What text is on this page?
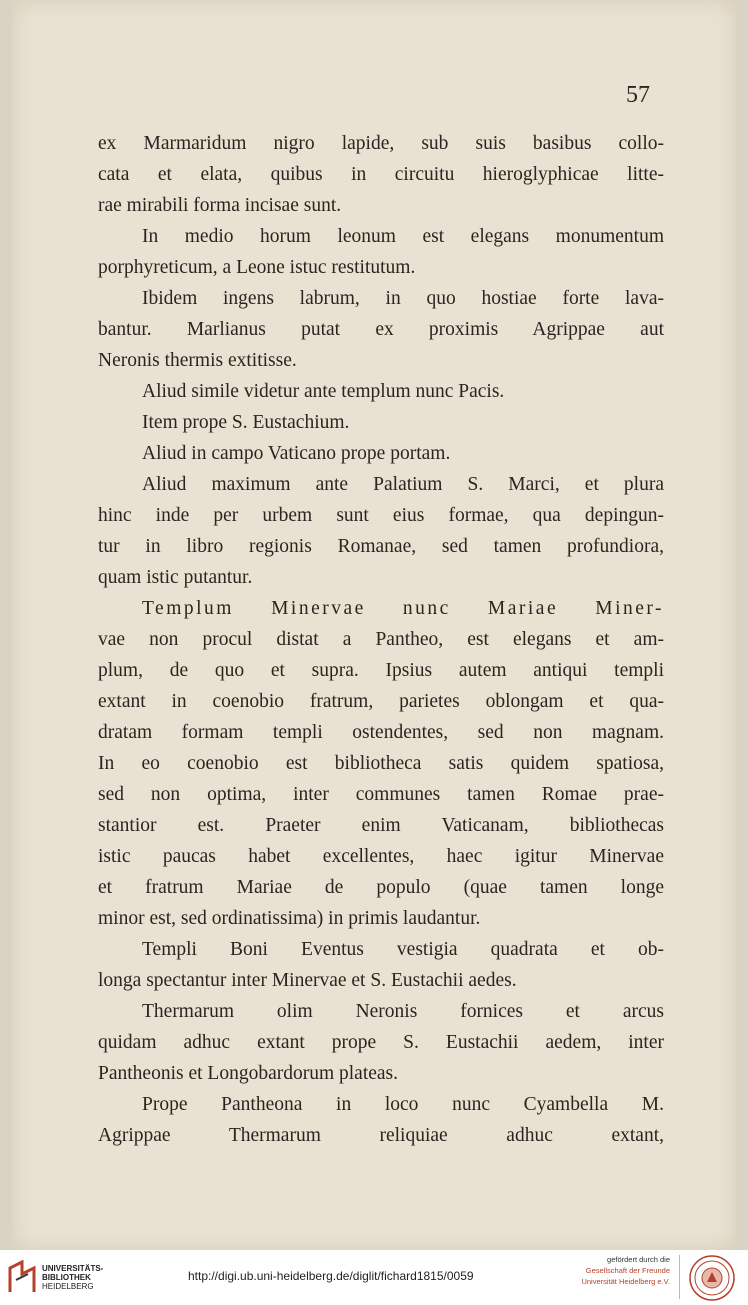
57
ex Marmaridum nigro lapide, sub suis basibus collo-
cata et elata, quibus in circuitu hieroglyphicae litte-
rae mirabili forma incisae sunt.
In medio horum leonum est elegans monumentum
porphyreticum, a Leone istuc restitutum.
Ibidem ingens labrum, in quo hostiae forte lava-
bantur. Marlianus putat ex proximis Agrippae aut
Neronis thermis extitisse.
Aliud simile videtur ante templum nunc Pacis.
Item prope S. Eustachium.
Aliud in campo Vaticano prope portam.
Aliud maximum ante Palatium S. Marci, et plura
hinc inde per urbem sunt eius formae, qua depingun-
tur in libro regionis Romanae, sed tamen profundiora,
quam istic putantur.
Templum Minervae nunc Mariae Miner-
vae non procul distat a Pantheo, est elegans et am-
plum, de quo et supra. Ipsius autem antiqui templi
extant in coenobio fratrum, parietes oblongam et qua-
dratam formam templi ostendentes, sed non magnam.
In eo coenobio est bibliotheca satis quidem spatiosa,
sed non optima, inter communes tamen Romae prae-
stantior est. Praeter enim Vaticanam, bibliothecas
istic paucas habet excellentes, haec igitur Minervae
et fratrum Mariae de populo (quae tamen longe
minor est, sed ordinatissima) in primis laudantur.
Templi Boni Eventus vestigia quadrata et ob-
longa spectantur inter Minervae et S. Eustachii aedes.
Thermarum olim Neronis fornices et arcus
quidam adhuc extant prope S. Eustachii aedem, inter
Pantheonis et Longobardorum plateas.
Prope Pantheona in loco nunc Cyambella M.
Agrippae Thermarum reliquiae adhuc extant,
UNIVERSITÄTS-
BIBLIOTHEK
HEIDELBERG
http://digi.ub.uni-heidelberg.de/diglit/fichard1815/0059
gefördert durch die
Gesellschaft der Freunde
Universität Heidelberg e.V.
